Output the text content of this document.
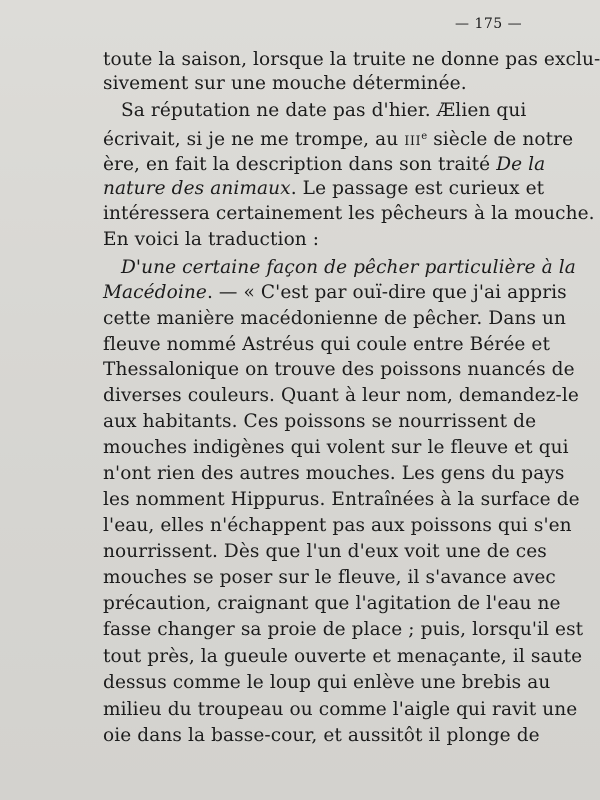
— 175 —
toute la saison, lorsque la truite ne donne pas exclu-
sivement sur une mouche déterminée.
Sa réputation ne date pas d'hier. Ælien qui
écrivait, si je ne me trompe, au IIIe siècle de notre
ère, en fait la description dans son traité De la
nature des animaux. Le passage est curieux et
intéressera certainement les pêcheurs à la mouche.
En voici la traduction :
D'une certaine façon de pêcher particulière à la
Macédoine. — « C'est par ouï-dire que j'ai appris
cette manière macédonienne de pêcher. Dans un
fleuve nommé Astréus qui coule entre Bérée et
Thessalonique on trouve des poissons nuancés de
diverses couleurs. Quant à leur nom, demandez-le
aux habitants. Ces poissons se nourrissent de
mouches indigènes qui volent sur le fleuve et qui
n'ont rien des autres mouches. Les gens du pays
les nomment Hippurus. Entraînées à la surface de
l'eau, elles n'échappent pas aux poissons qui s'en
nourrissent. Dès que l'un d'eux voit une de ces
mouches se poser sur le fleuve, il s'avance avec
précaution, craignant que l'agitation de l'eau ne
fasse changer sa proie de place ; puis, lorsqu'il est
tout près, la gueule ouverte et menaçante, il saute
dessus comme le loup qui enlève une brebis au
milieu du troupeau ou comme l'aigle qui ravit une
oie dans la basse-cour, et aussitôt il plonge de
